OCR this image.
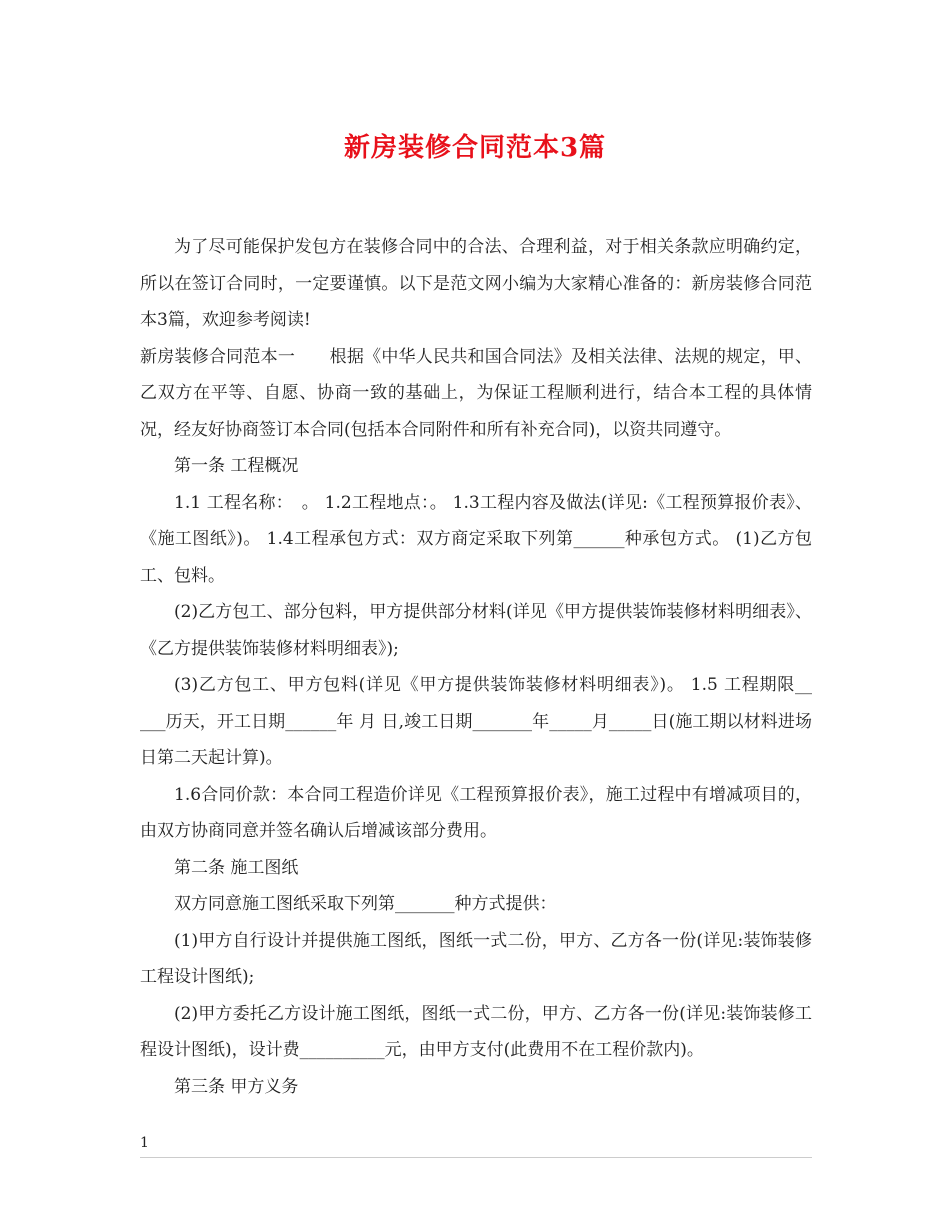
新房装修合同范本3篇

为了尽可能保护发包方在装修合同中的合法、合理利益，对于相关条款应明确约定，所以在签订合同时，一定要谨慎。以下是范文网小编为大家精心准备的：新房装修合同范本3篇，欢迎参考阅读!

新房装修合同范本一　　根据《中华人民共和国合同法》及相关法律、法规的规定，甲、乙双方在平等、自愿、协商一致的基础上，为保证工程顺利进行，结合本工程的具体情况，经友好协商签订本合同(包括本合同附件和所有补充合同)，以资共同遵守。

第一条 工程概况

1.1 工程名称：　。 1.2工程地点：。 1.3工程内容及做法(详见:《工程预算报价表》、《施工图纸》)。 1.4工程承包方式：双方商定采取下列第______种承包方式。 (1)乙方包工、包料。

(2)乙方包工、部分包料，甲方提供部分材料(详见《甲方提供装饰装修材料明细表》、《乙方提供装饰装修材料明细表》);

(3)乙方包工、甲方包料(详见《甲方提供装饰装修材料明细表》)。 1.5 工程期限__ ___历天，开工日期______年 月 日,竣工日期_______年_____月_____日(施工期以材料进场日第二天起计算)。

1.6合同价款：本合同工程造价详见《工程预算报价表》，施工过程中有增减项目的，由双方协商同意并签名确认后增减该部分费用。

第二条 施工图纸

双方同意施工图纸采取下列第_______种方式提供：

(1)甲方自行设计并提供施工图纸，图纸一式二份，甲方、乙方各一份(详见:装饰装修工程设计图纸);

(2)甲方委托乙方设计施工图纸，图纸一式二份，甲方、乙方各一份(详见:装饰装修工程设计图纸)，设计费__________元，由甲方支付(此费用不在工程价款内)。

第三条 甲方义务

1
